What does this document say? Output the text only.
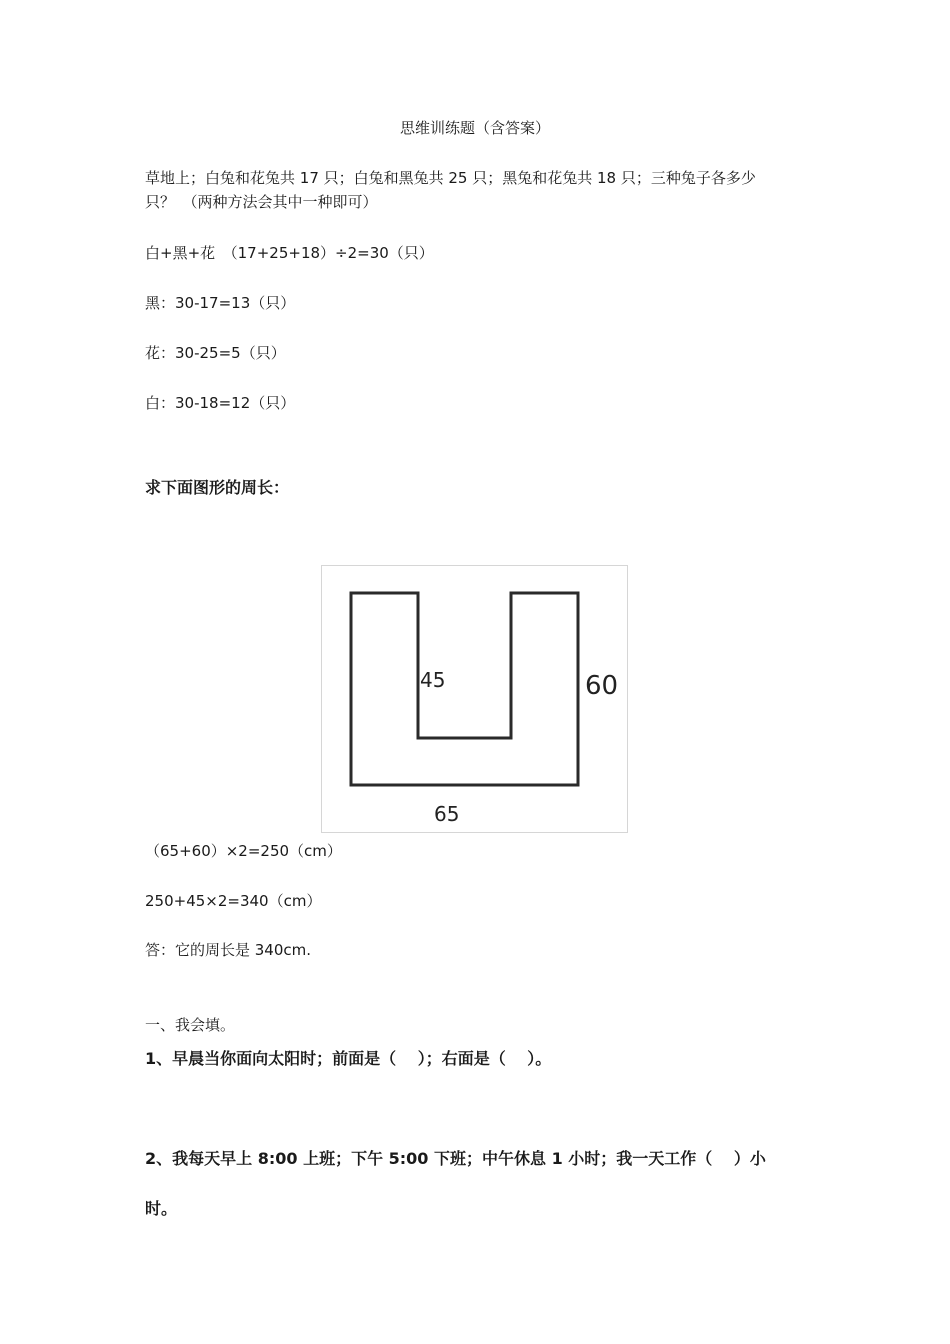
思维训练题（含答案）
草地上；白兔和花兔共 17 只；白兔和黑兔共 25 只；黑兔和花兔共 18 只；三种兔子各多少
只？　（两种方法会其中一种即可）
白+黑+花　（17+25+18）÷2=30（只）
黑：30-17=13（只）
花：30-25=5（只）
白：30-18=12（只）
求下面图形的周长：
45	60
65
（65+60）×2=250（cm）
250+45×2=340（cm）
答：它的周长是 340cm.
一、我会填。
1、早晨当你面向太阳时；前面是（　 ）；右面是（　 ）。
2、我每天早上 8:00 上班；下午 5:00 下班；中午休息 1 小时；我一天工作（　 ）小
时。
